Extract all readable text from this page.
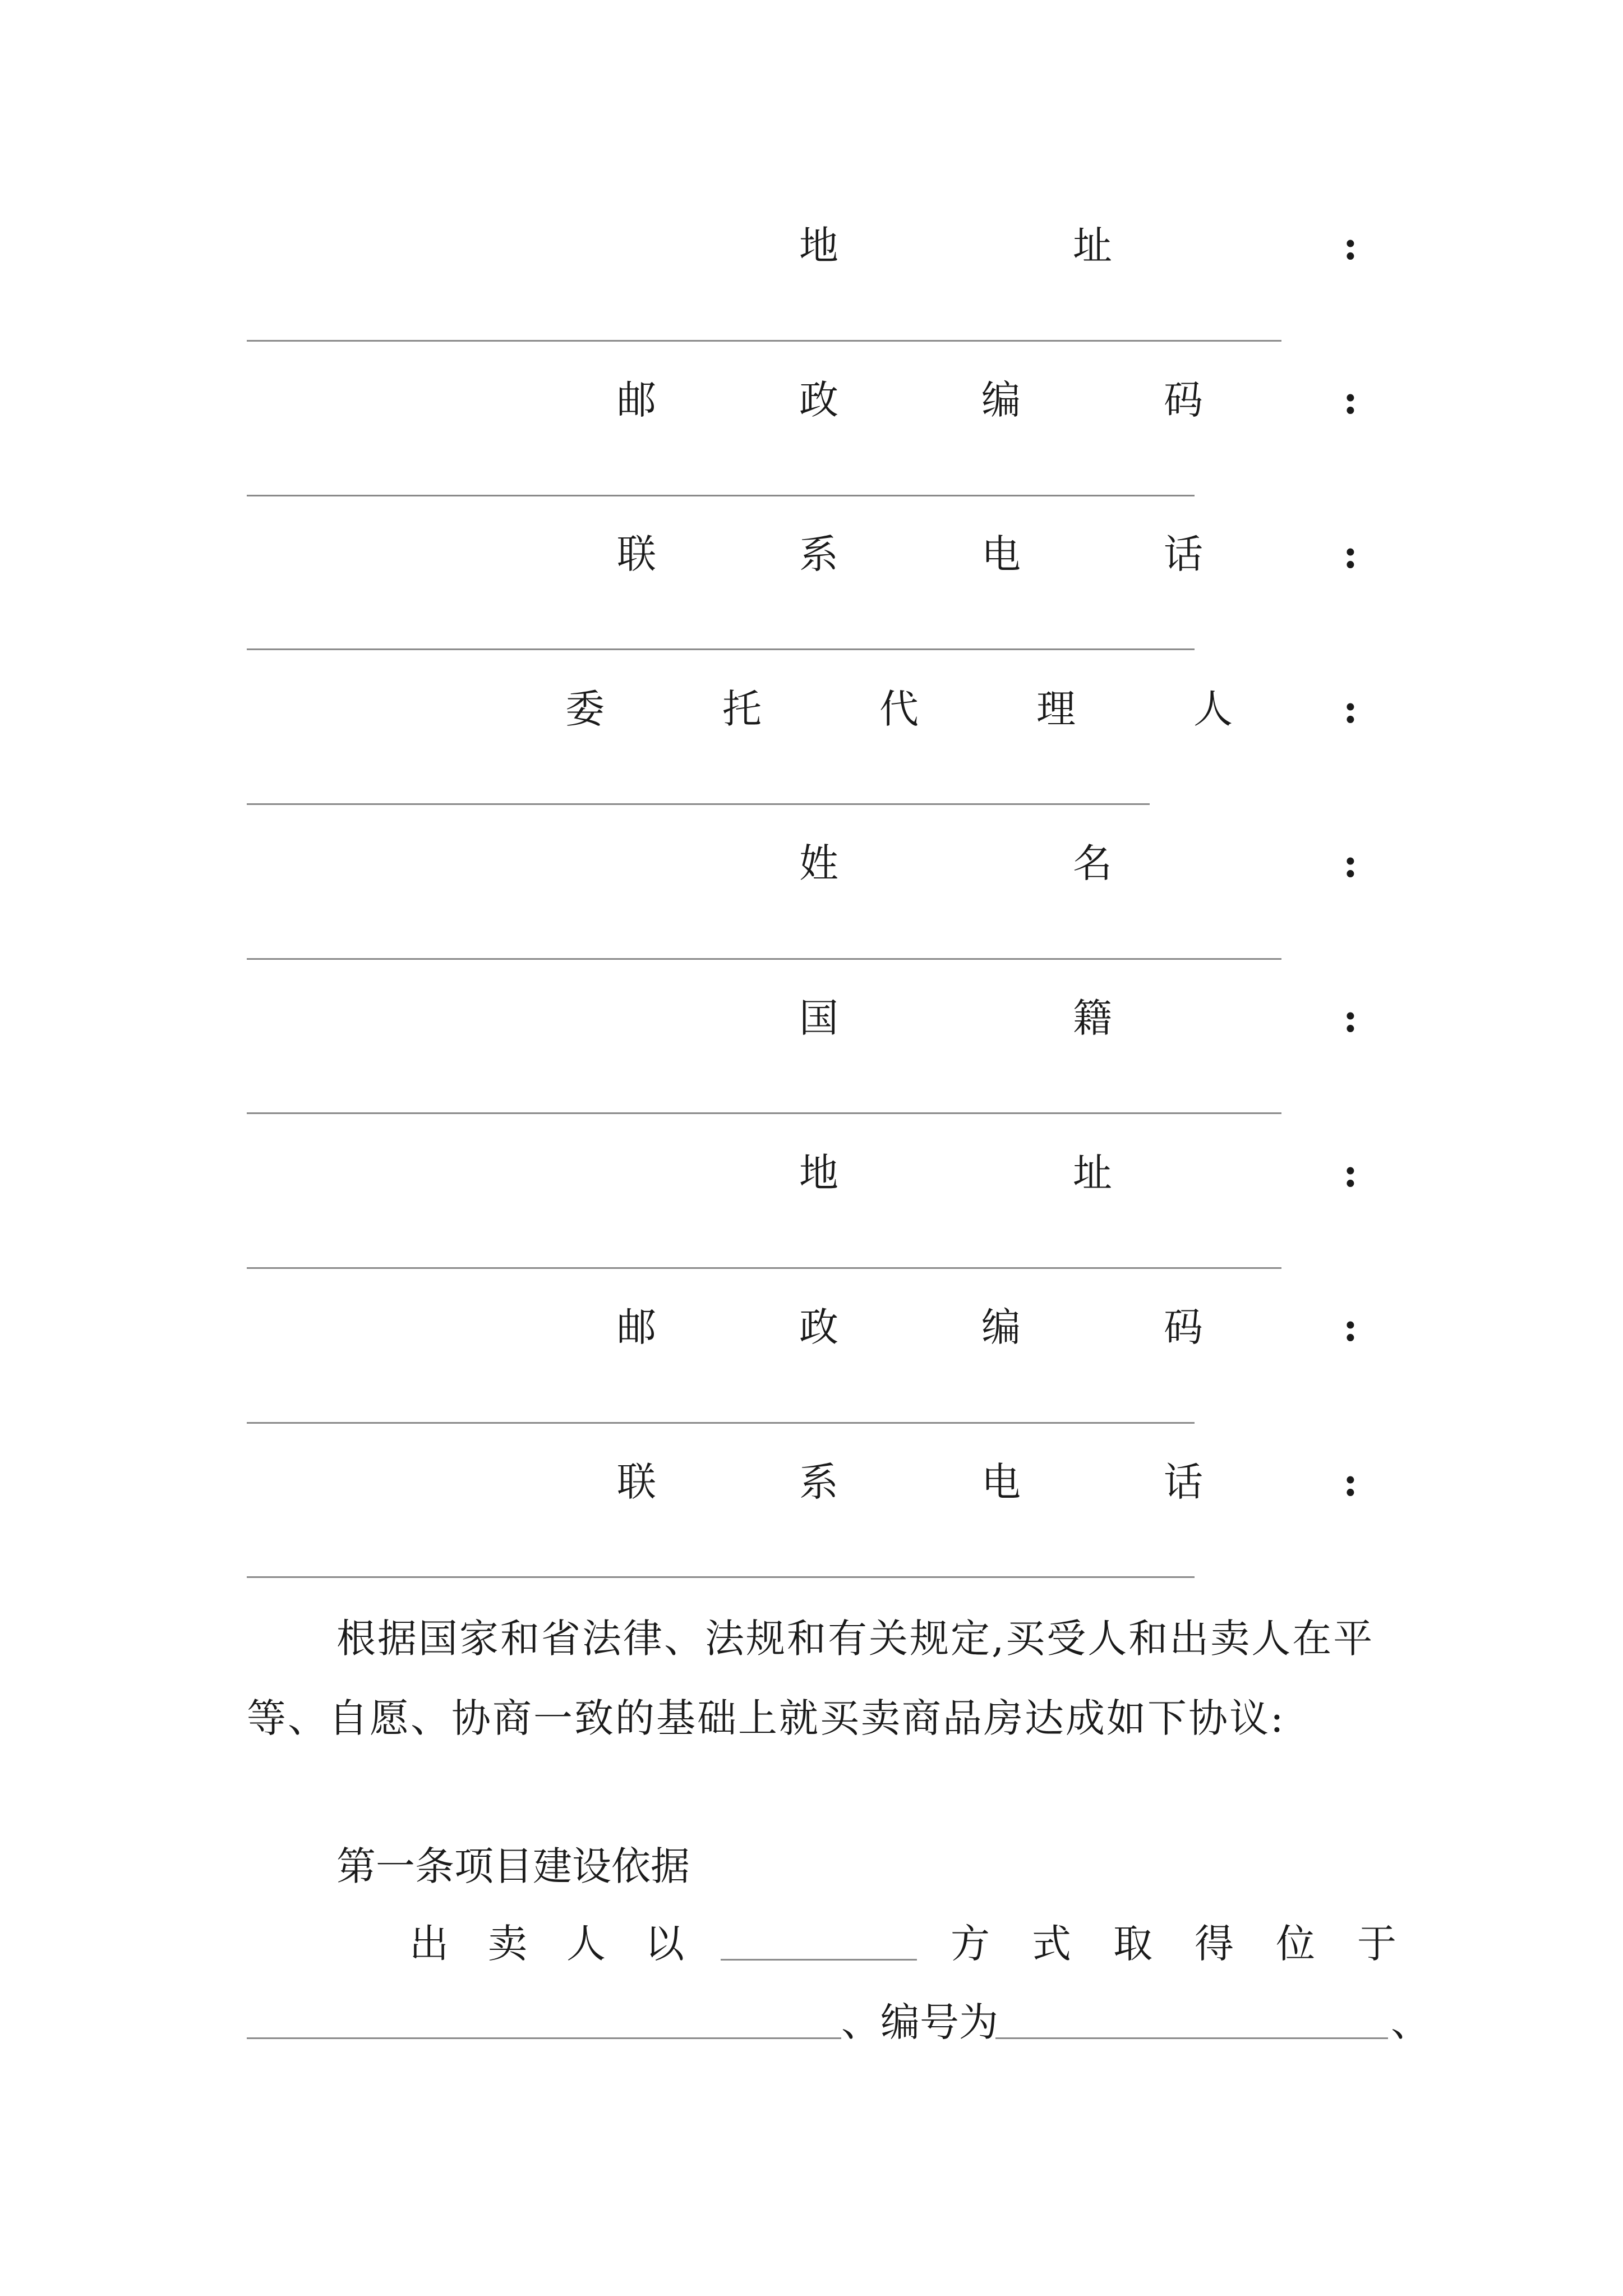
地	址	:
邮	政	编	码	:
联	系	电	话	:
委	托	代	理	人	:
姓	名	:
国	籍	:
地	址	:
邮	政	编	码	:
联	系	电	话	:
根据国家和省法律、法规和有关规定,买受人和出卖人在平等、自愿、协商一致的基础上就买卖商品房达成如下协议:
第一条项目建设依据
出 卖 人 以	方 式 取 得 位 于
、编号为	、
